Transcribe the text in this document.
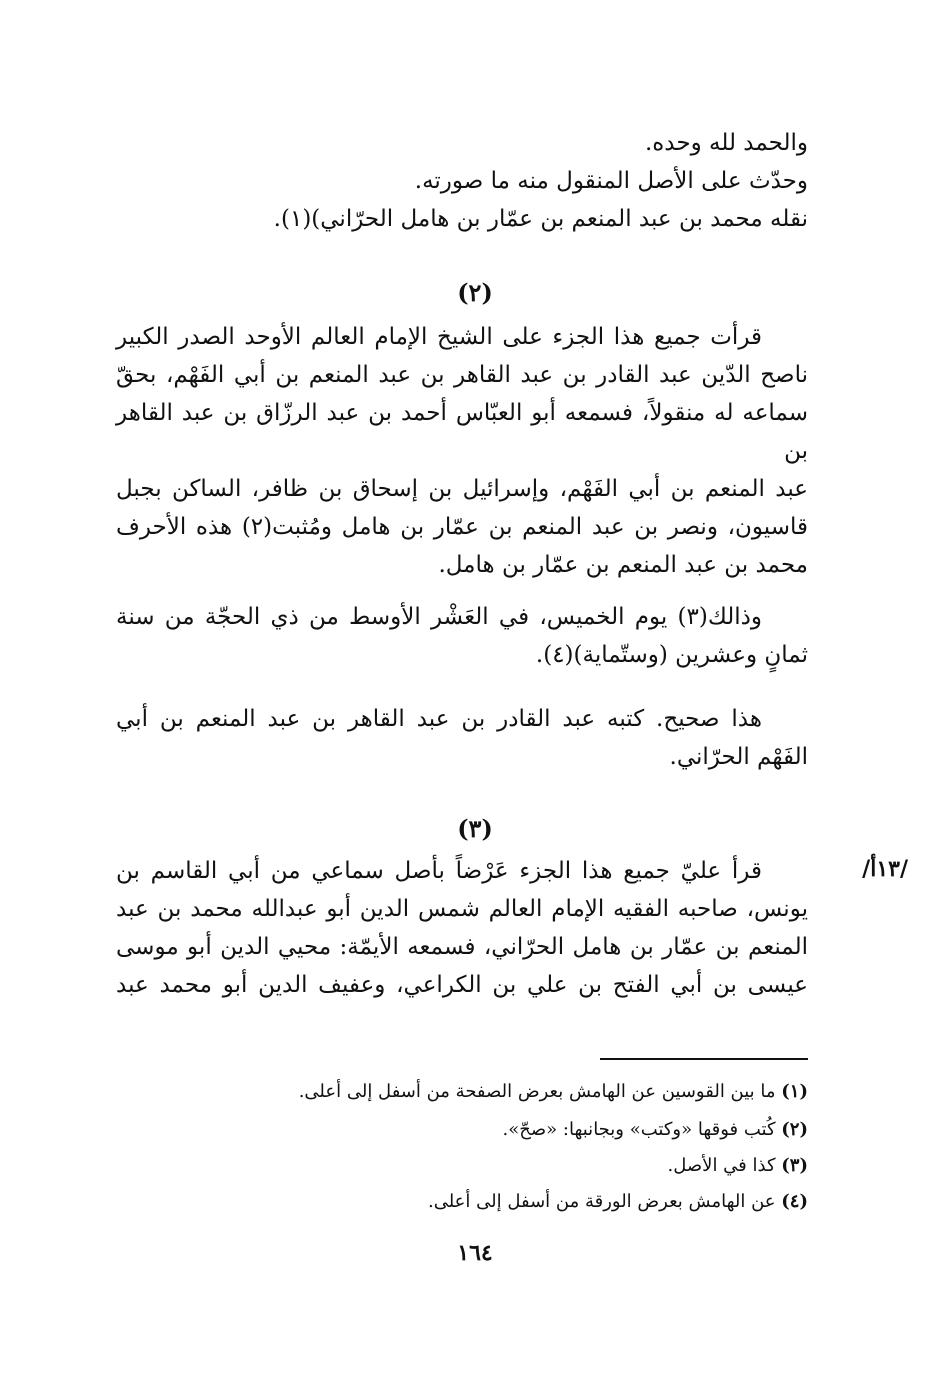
والحمد لله وحده.
وحدّث على الأصل المنقول منه ما صورته.
نقله محمد بن عبد المنعم بن عمّار بن هامل الحرّاني)(١).
(٢)
قرأت جميع هذا الجزء على الشيخ الإمام العالم الأوحد الصدر الكبير
ناصح الدّين عبد القادر بن عبد القاهر بن عبد المنعم بن أبي الفَهْم، بحقّ
سماعه له منقولاً، فسمعه أبو العبّاس أحمد بن عبد الرزّاق بن عبد القاهر بن
عبد المنعم بن أبي الفَهْم، وإسرائيل بن إسحاق بن ظافر، الساكن بجبل
قاسيون، ونصر بن عبد المنعم بن عمّار بن هامل ومُثبت(٢) هذه الأحرف
محمد بن عبد المنعم بن عمّار بن هامل.
وذالك(٣) يوم الخميس، في العَشْر الأوسط من ذي الحجّة من سنة
ثمانٍ وعشرين (وستّماية)(٤).
هذا صحيح. كتبه عبد القادر بن عبد القاهر بن عبد المنعم بن أبي
الفَهْم الحرّاني.
(٣)
/١٣أ/
قرأ عليّ جميع هذا الجزء عَرْضاً بأصل سماعي من أبي القاسم بن
يونس، صاحبه الفقيه الإمام العالم شمس الدين أبو عبدالله محمد بن عبد
المنعم بن عمّار بن هامل الحرّاني، فسمعه الأيمّة: محيي الدين أبو موسى
عيسى بن أبي الفتح بن علي بن الكراعي، وعفيف الدين أبو محمد عبد
(١) ما بين القوسين عن الهامش بعرض الصفحة من أسفل إلى أعلى.
(٢) كُتب فوقها «وكتب» وبجانبها: «صحّ».
(٣) كذا في الأصل.
(٤) عن الهامش بعرض الورقة من أسفل إلى أعلى.
١٦٤
